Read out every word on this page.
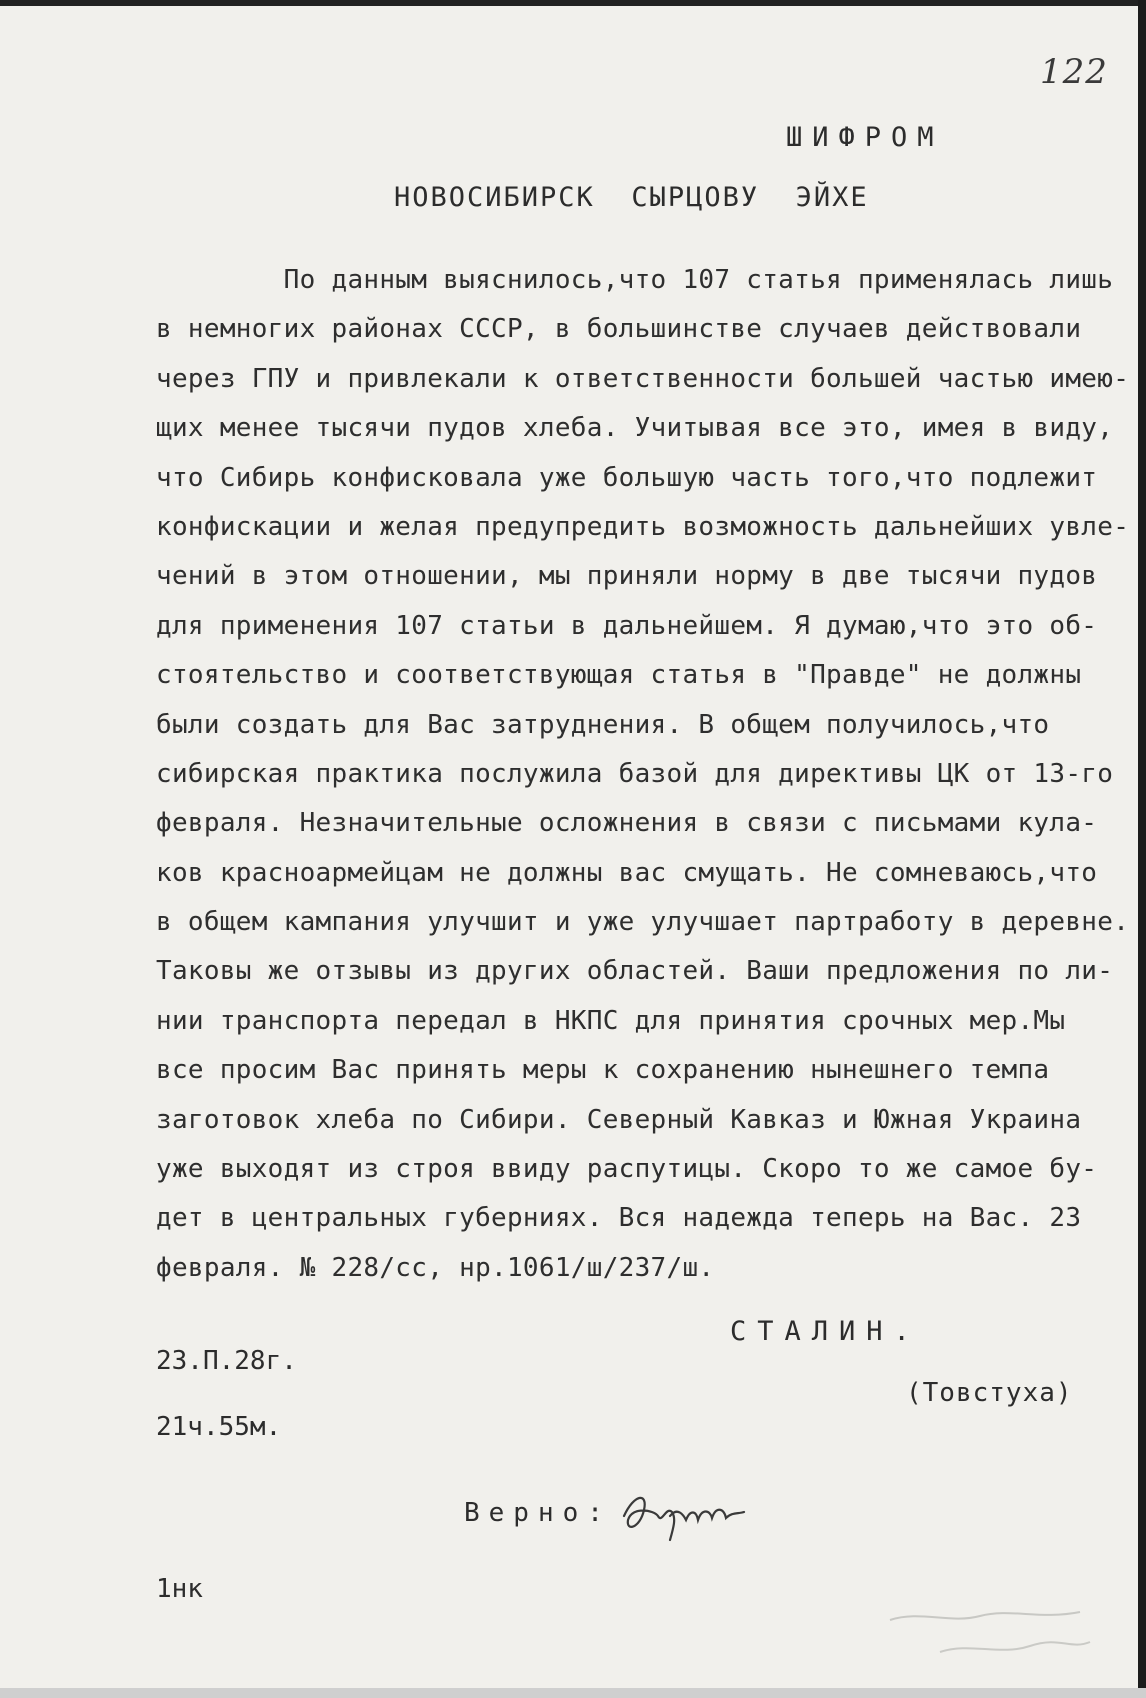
122
ШИФРОМ
НОВОСИБИРСК  СЫРЦОВУ  ЭЙХЕ
По данным выяснилось,что 107 статья применялась лишь
в немногих районах СССР, в большинстве случаев действовали
через ГПУ и привлекали к ответственности большей частью имею-
щих менее тысячи пудов хлеба. Учитывая все это, имея в виду,
что Сибирь конфисковала уже большую часть того,что подлежит
конфискации и желая предупредить возможность дальнейших увле-
чений в этом отношении, мы приняли норму в две тысячи пудов
для применения 107 статьи в дальнейшем. Я думаю,что это об-
стоятельство и соответствующая статья в "Правде" не должны
были создать для Вас затруднения. В общем получилось,что
сибирская практика послужила базой для директивы ЦК от 13-го
февраля. Незначительные осложнения в связи с письмами кула-
ков красноармейцам не должны вас смущать. Не сомневаюсь,что
в общем кампания улучшит и уже улучшает партработу в деревне.
Таковы же отзывы из других областей. Ваши предложения по ли-
нии транспорта передал в НКПС для принятия срочных мер.Мы
все просим Вас принять меры к сохранению нынешнего темпа
заготовок хлеба по Сибири. Северный Кавказ и Южная Украина
уже выходят из строя ввиду распутицы. Скоро то же самое бу-
дет в центральных губерниях. Вся надежда теперь на Вас. 23
февраля. № 228/сс, нр.1061/ш/237/ш.
СТАЛИН.
23.П.28г.
(Товстуха)
21ч.55м.
Верно:
1нк
